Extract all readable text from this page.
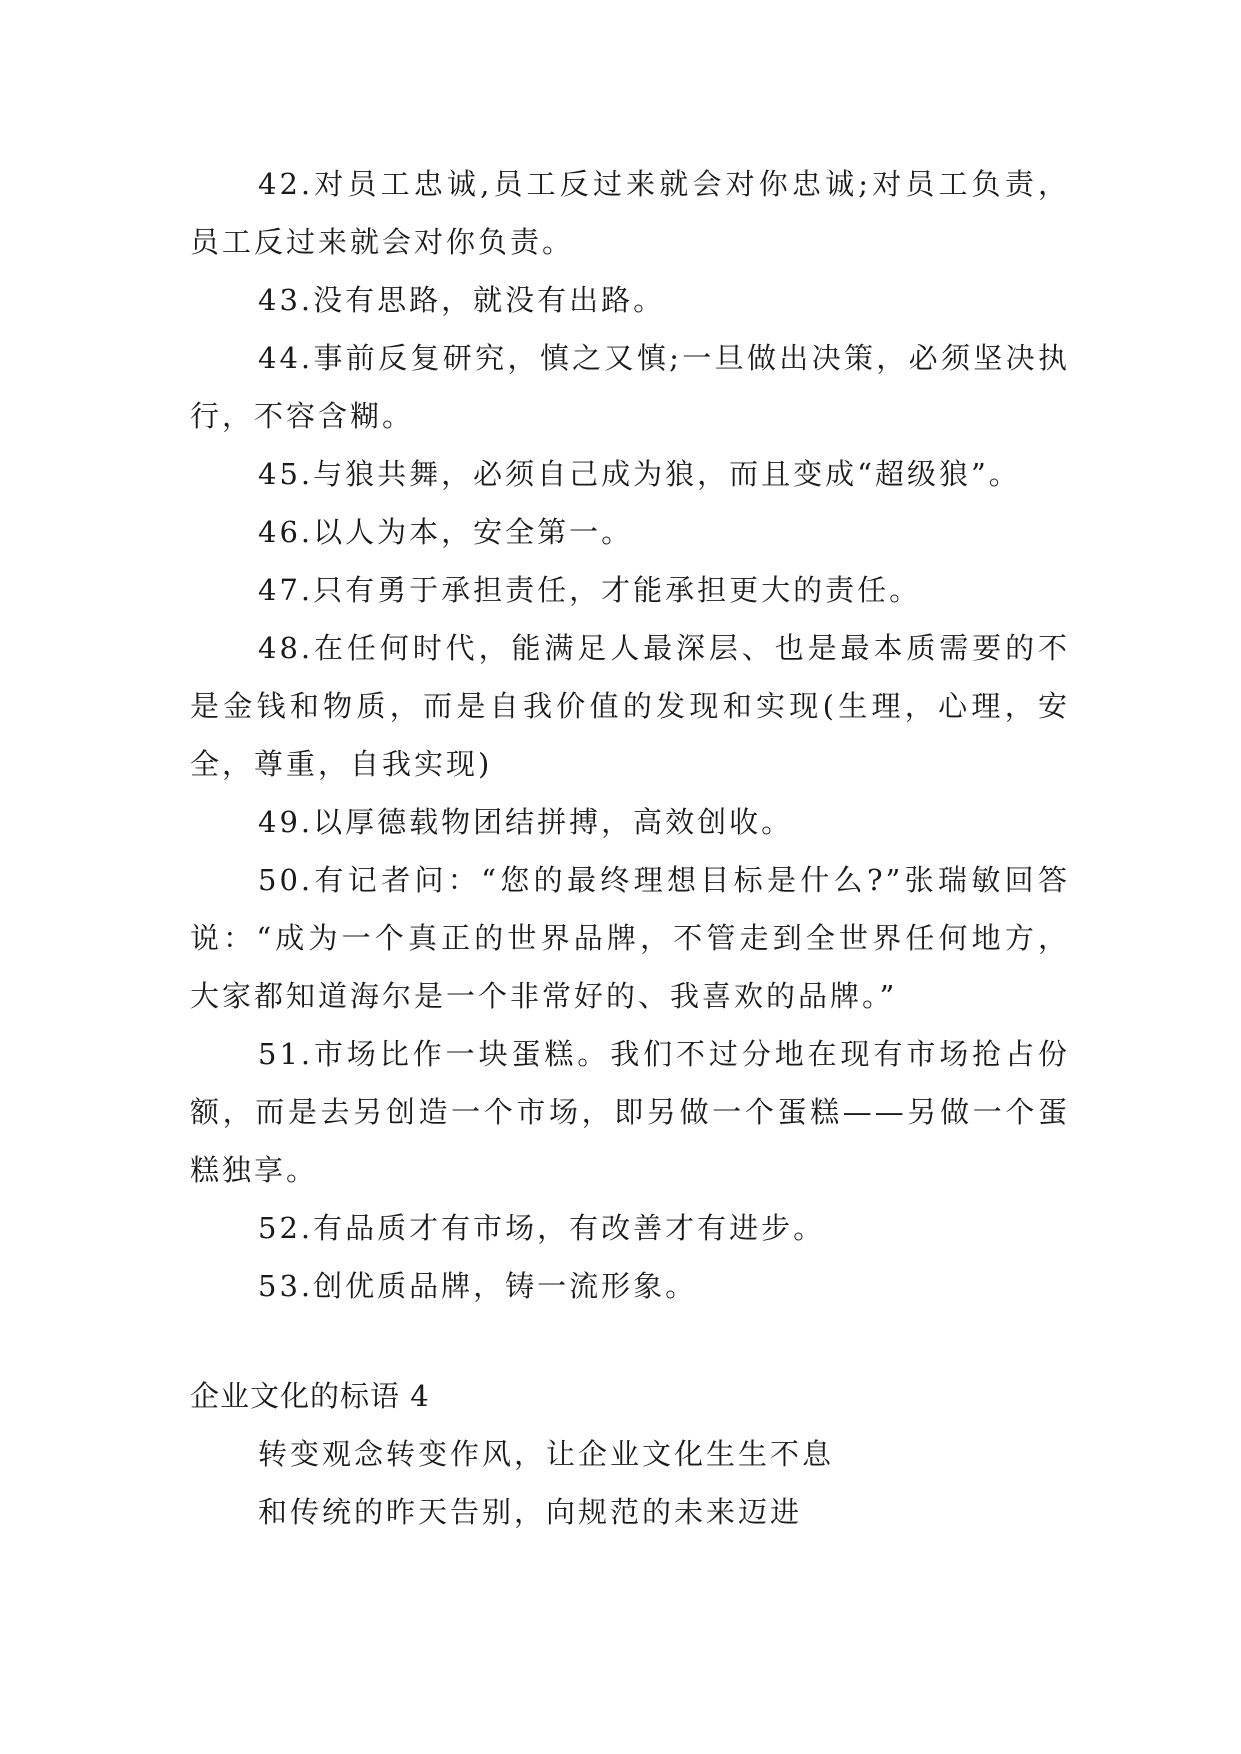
42.对员工忠诚,员工反过来就会对你忠诚;对员工负责，员工反过来就会对你负责。

43.没有思路，就没有出路。

44.事前反复研究，慎之又慎;一旦做出决策，必须坚决执行，不容含糊。

45.与狼共舞，必须自己成为狼，而且变成“超级狼”。

46.以人为本，安全第一。

47.只有勇于承担责任，才能承担更大的责任。

48.在任何时代，能满足人最深层、也是最本质需要的不是金钱和物质，而是自我价值的发现和实现(生理，心理，安全，尊重，自我实现)

49.以厚德载物团结拼搏，高效创收。

50.有记者问：“您的最终理想目标是什么?”张瑞敏回答说：“成为一个真正的世界品牌，不管走到全世界任何地方，大家都知道海尔是一个非常好的、我喜欢的品牌。”

51.市场比作一块蛋糕。我们不过分地在现有市场抢占份额，而是去另创造一个市场，即另做一个蛋糕——另做一个蛋糕独享。

52.有品质才有市场，有改善才有进步。

53.创优质品牌，铸一流形象。

企业文化的标语 4

转变观念转变作风，让企业文化生生不息

和传统的昨天告别，向规范的未来迈进
